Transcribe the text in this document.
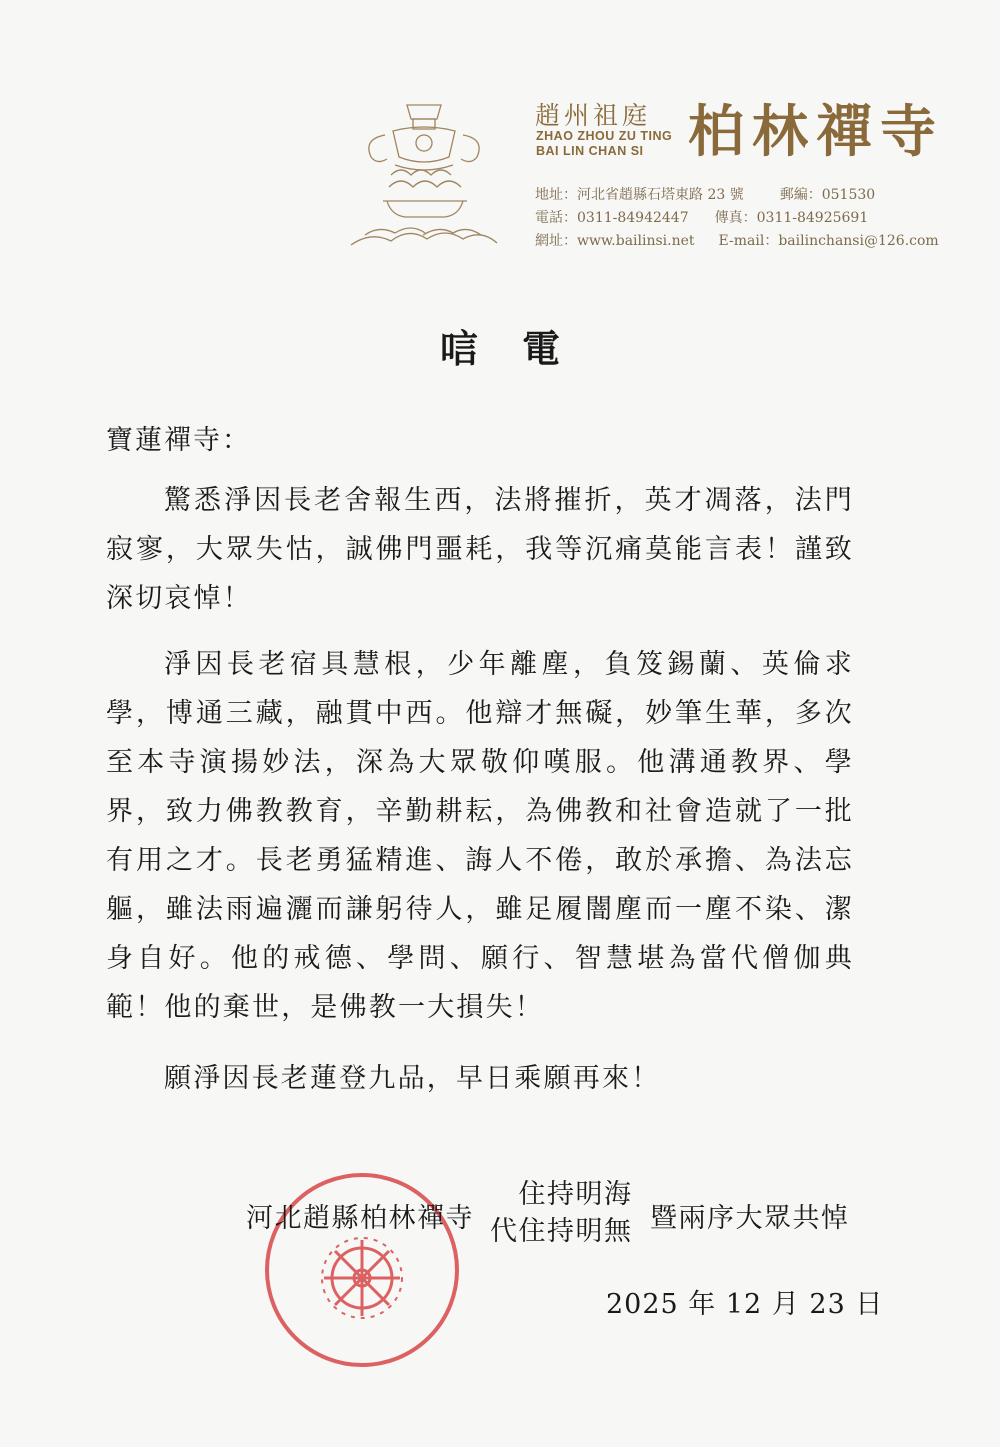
趙州祖庭
ZHAO ZHOU ZU TING
BAI LIN CHAN SI 柏林禪寺
地址：河北省趙縣石塔東路 23 號	郵編：051530
電話：0311-84942447 傳真：0311-84925691
網址：www.bailinsi.net E-mail：bailinchansi@126.com
唁電
寶蓮禪寺：
驚悉淨因長老舍報生西，法將摧折，英才凋落，法門寂寥，大眾失怙，誠佛門噩耗，我等沉痛莫能言表！謹致深切哀悼！
淨因長老宿具慧根，少年離塵，負笈錫蘭、英倫求學，博通三藏，融貫中西。他辯才無礙，妙筆生華，多次至本寺演揚妙法，深為大眾敬仰嘆服。他溝通教界、學界，致力佛教教育，辛勤耕耘，為佛教和社會造就了一批有用之才。長老勇猛精進、誨人不倦，敢於承擔、為法忘軀，雖法雨遍灑而謙躬待人，雖足履闇塵而一塵不染、潔身自好。他的戒德、學問、願行、智慧堪為當代僧伽典範！他的棄世，是佛教一大損失！
願淨因長老蓮登九品，早日乘願再來！
河北趙縣柏林禪寺
住持明海
代住持明無 暨兩序大眾共悼
2025 年 12 月 23 日
